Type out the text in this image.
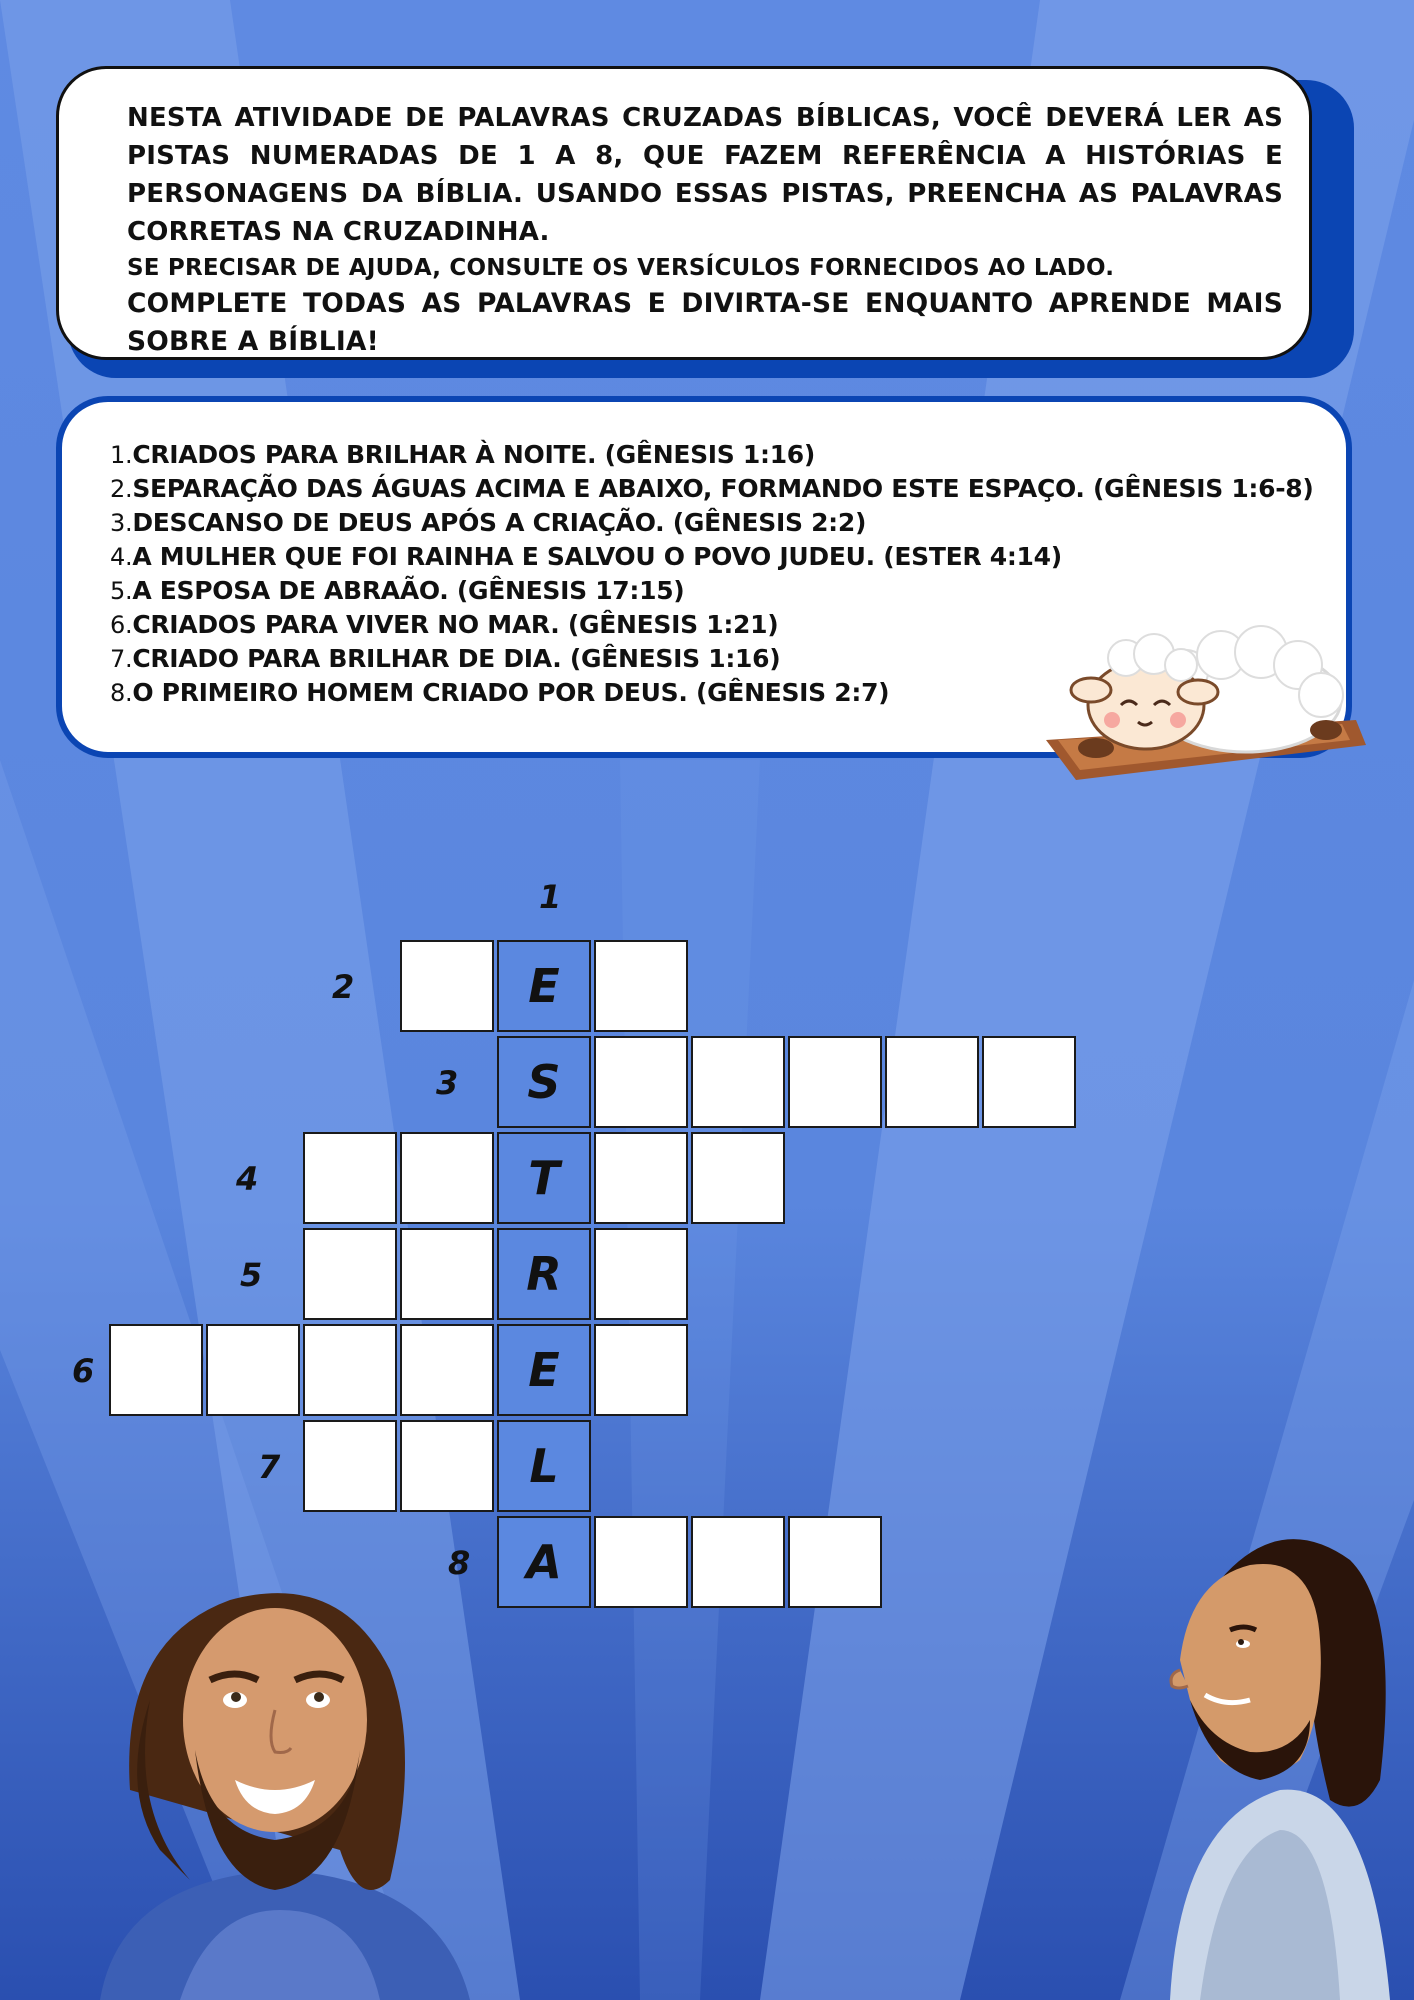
NESTA ATIVIDADE DE PALAVRAS CRUZADAS BÍBLICAS, VOCÊ DEVERÁ LER AS PISTAS NUMERADAS DE 1 A 8, QUE FAZEM REFERÊNCIA A HISTÓRIAS E PERSONAGENS DA BÍBLIA. USANDO ESSAS PISTAS, PREENCHA AS PALAVRAS CORRETAS NA CRUZADINHA.

SE PRECISAR DE AJUDA, CONSULTE OS VERSÍCULOS FORNECIDOS AO LADO.

COMPLETE TODAS AS PALAVRAS E DIVIRTA-SE ENQUANTO APRENDE MAIS SOBRE A BÍBLIA!

1.CRIADOS PARA BRILHAR À NOITE. (GÊNESIS 1:16)
2.SEPARAÇÃO DAS ÁGUAS ACIMA E ABAIXO, FORMANDO ESTE ESPAÇO. (GÊNESIS 1:6-8)
3.DESCANSO DE DEUS APÓS A CRIAÇÃO. (GÊNESIS 2:2)
4.A MULHER QUE FOI RAINHA E SALVOU O POVO JUDEU. (ESTER 4:14)
5.A ESPOSA DE ABRAÃO. (GÊNESIS 17:15)
6.CRIADOS PARA VIVER NO MAR. (GÊNESIS 1:21)
7.CRIADO PARA BRILHAR DE DIA. (GÊNESIS 1:16)
8.O PRIMEIRO HOMEM CRIADO POR DEUS. (GÊNESIS 2:7)
1
E
2
S
3
T
4
R
5
E
6
L
7
A
8
